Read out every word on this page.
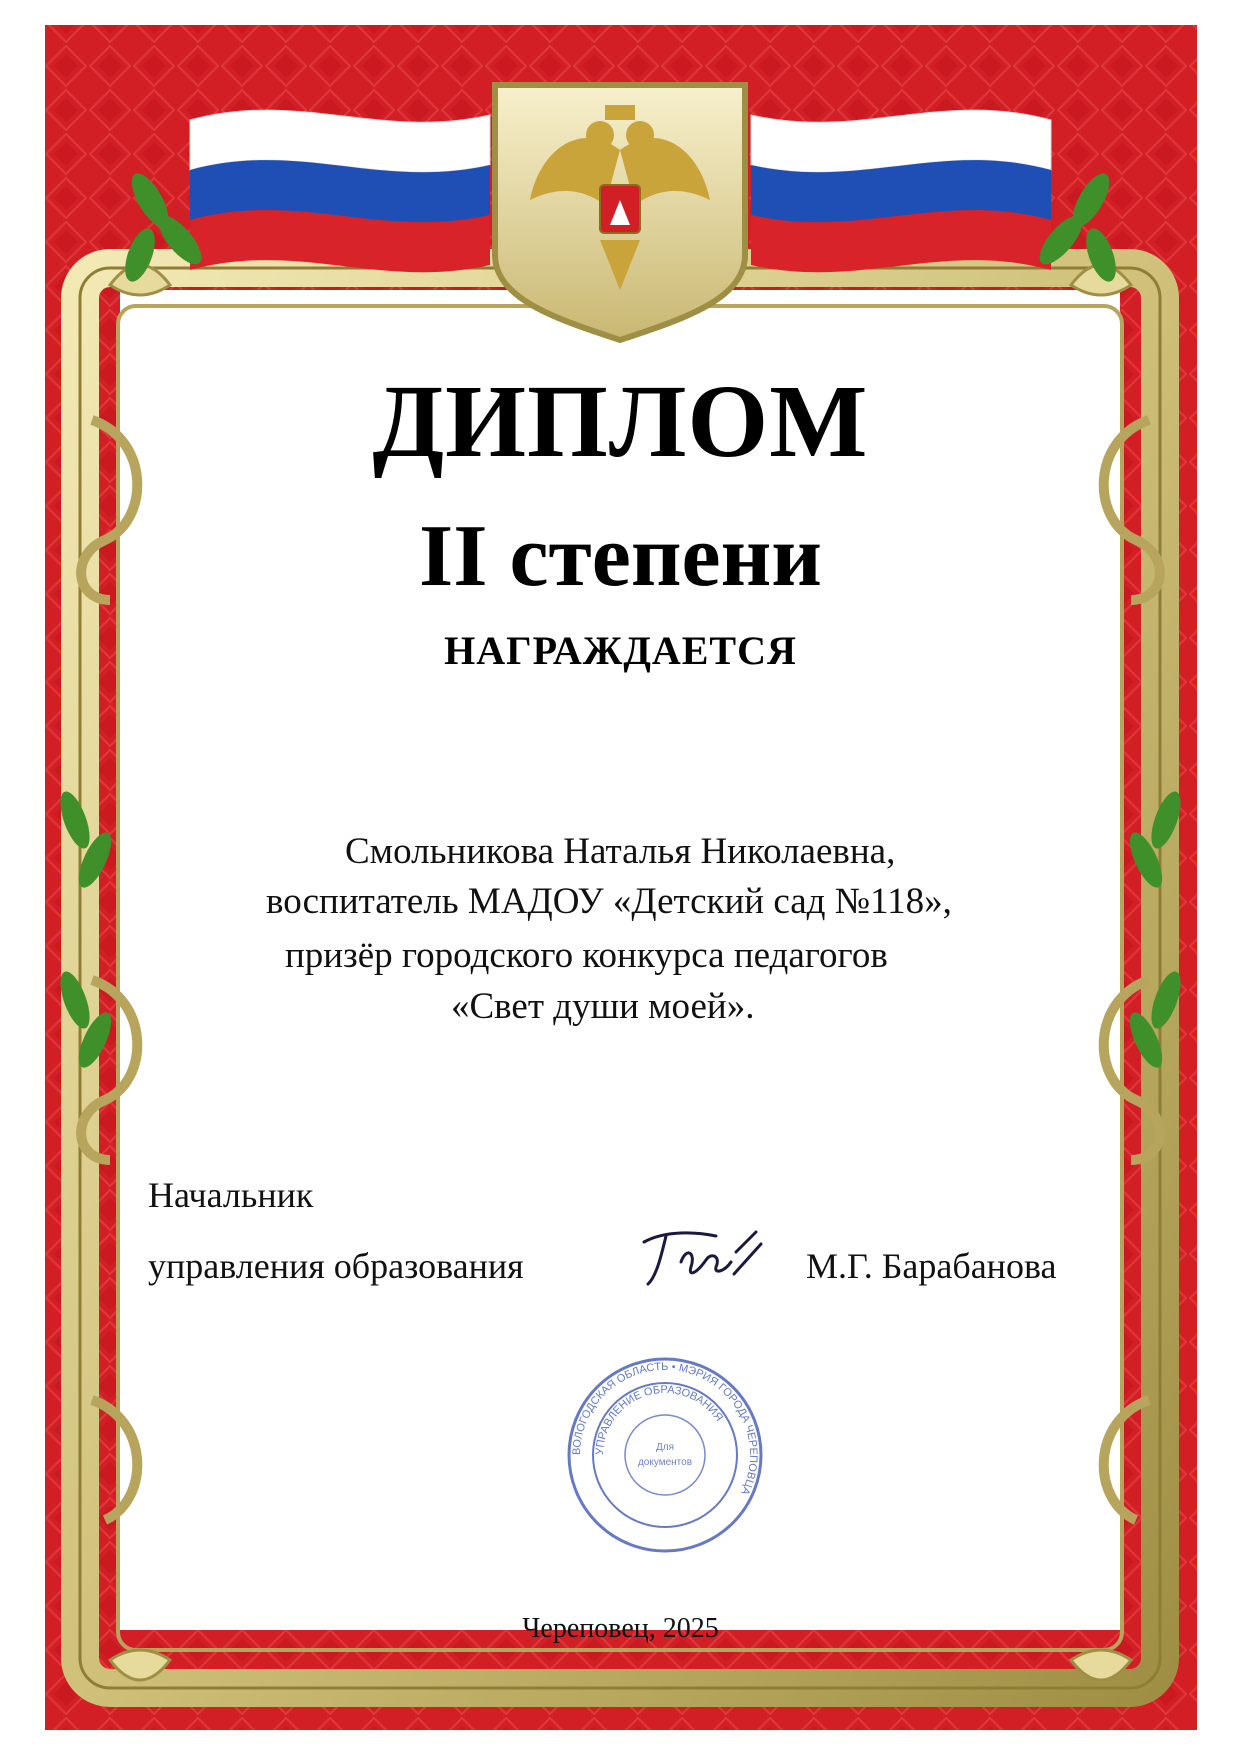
ДИПЛОМ
II степени
НАГРАЖДАЕТСЯ
Смольникова Наталья Николаевна,
воспитатель МАДОУ «Детский сад №118»,
призёр городского конкурса педагогов
«Свет души моей».
Начальник
управления образования	М.Г. Барабанова
ВОЛОГОДСКАЯ ОБЛАСТЬ • МЭРИЯ ГОРОДА ЧЕРЕПОВЦА
УПРАВЛЕНИЕ ОБРАЗОВАНИЯ
Для
документов
Череповец, 2025
